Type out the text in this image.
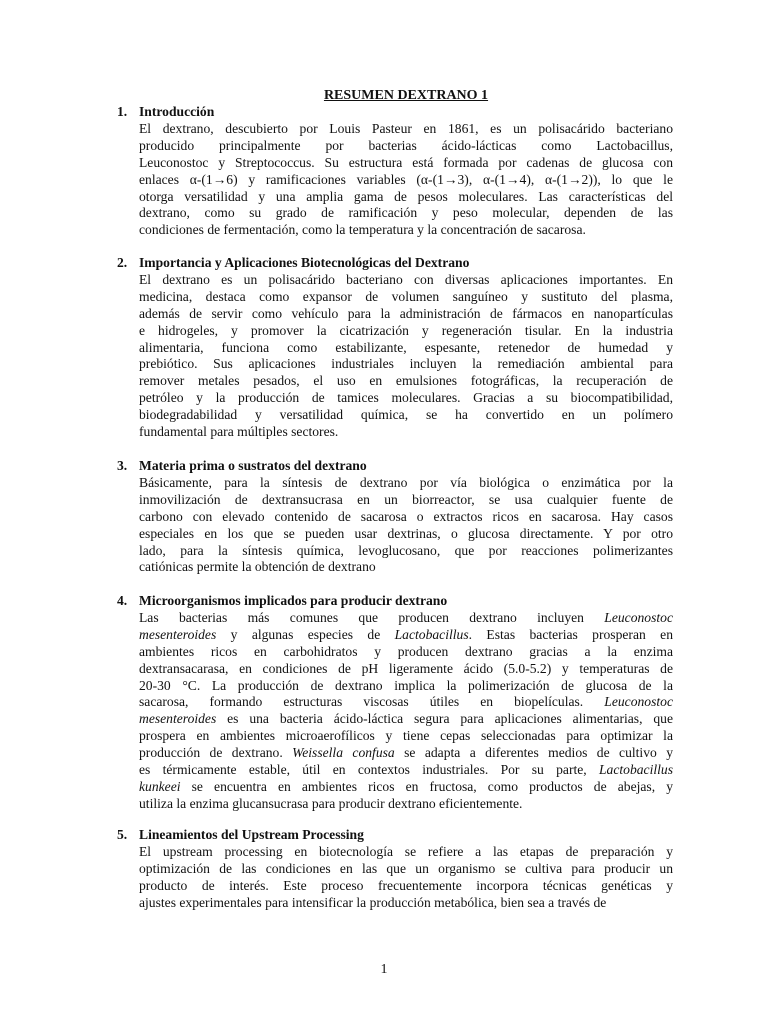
RESUMEN DEXTRANO 1
1. Introducción
El dextrano, descubierto por Louis Pasteur en 1861, es un polisacárido bacteriano
producido principalmente por bacterias ácido-lácticas como Lactobacillus,
Leuconostoc y Streptococcus. Su estructura está formada por cadenas de glucosa con
enlaces α-(1→6) y ramificaciones variables (α-(1→3), α-(1→4), α-(1→2)), lo que le
otorga versatilidad y una amplia gama de pesos moleculares. Las características del
dextrano, como su grado de ramificación y peso molecular, dependen de las
condiciones de fermentación, como la temperatura y la concentración de sacarosa.
2. Importancia y Aplicaciones Biotecnológicas del Dextrano
El dextrano es un polisacárido bacteriano con diversas aplicaciones importantes. En
medicina, destaca como expansor de volumen sanguíneo y sustituto del plasma,
además de servir como vehículo para la administración de fármacos en nanopartículas
e hidrogeles, y promover la cicatrización y regeneración tisular. En la industria
alimentaria, funciona como estabilizante, espesante, retenedor de humedad y
prebiótico. Sus aplicaciones industriales incluyen la remediación ambiental para
remover metales pesados, el uso en emulsiones fotográficas, la recuperación de
petróleo y la producción de tamices moleculares. Gracias a su biocompatibilidad,
biodegradabilidad y versatilidad química, se ha convertido en un polímero
fundamental para múltiples sectores.
3. Materia prima o sustratos del dextrano
Básicamente, para la síntesis de dextrano por vía biológica o enzimática por la
inmovilización de dextransucrasa en un biorreactor, se usa cualquier fuente de
carbono con elevado contenido de sacarosa o extractos ricos en sacarosa. Hay casos
especiales en los que se pueden usar dextrinas, o glucosa directamente. Y por otro
lado, para la síntesis química, levoglucosano, que por reacciones polimerizantes
catiónicas permite la obtención de dextrano
4. Microorganismos implicados para producir dextrano
Las bacterias más comunes que producen dextrano incluyen Leuconostoc
mesenteroides y algunas especies de Lactobacillus. Estas bacterias prosperan en
ambientes ricos en carbohidratos y producen dextrano gracias a la enzima
dextransacarasa, en condiciones de pH ligeramente ácido (5.0-5.2) y temperaturas de
20-30 °C. La producción de dextrano implica la polimerización de glucosa de la
sacarosa, formando estructuras viscosas útiles en biopelículas. Leuconostoc
mesenteroides es una bacteria ácido-láctica segura para aplicaciones alimentarias, que
prospera en ambientes microaerofílicos y tiene cepas seleccionadas para optimizar la
producción de dextrano. Weissella confusa se adapta a diferentes medios de cultivo y
es térmicamente estable, útil en contextos industriales. Por su parte, Lactobacillus
kunkeei se encuentra en ambientes ricos en fructosa, como productos de abejas, y
utiliza la enzima glucansucrasa para producir dextrano eficientemente.
5. Lineamientos del Upstream Processing
El upstream processing en biotecnología se refiere a las etapas de preparación y
optimización de las condiciones en las que un organismo se cultiva para producir un
producto de interés. Este proceso frecuentemente incorpora técnicas genéticas y
ajustes experimentales para intensificar la producción metabólica, bien sea a través de
1
